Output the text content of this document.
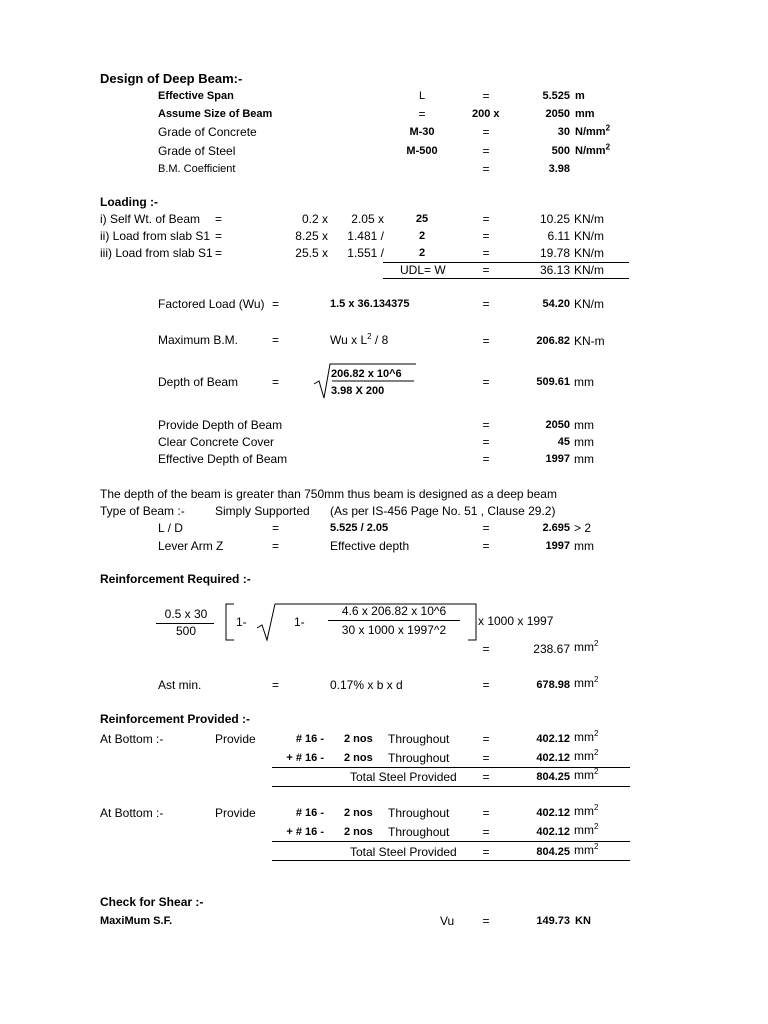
Design of Deep Beam:-
Effective Span	L	=	5.525 m
Assume Size of Beam	=	200 x	2050 mm
Grade of Concrete	M-30	=	30 $N/mm^2$
Grade of Steel	M-500	=	500 $N/mm^2$
B.M. Coefficient	=	3.98
Loading :-
i) Self Wt. of Beam =	0.2 x	2.05 x	25	=	10.25 KN/m
ii) Load from slab S1 =	8.25 x	1.481 /	2	=	6.11 KN/m
iii) Load from slab S1 =	25.5 x	1.551 /	2	=	19.78 KN/m
UDL= W	=	36.13 KN/m
Factored Load (Wu) =	1.5 x 36.134375	=	54.20 KN/m
Maximum B.M.	=	Wu x $L^2 / 8$	=	206.82 KN-m
Depth of Beam	=
206.82 x 10^6
3.98 X 200
=	509.61 mm
Provide Depth of Beam	=	2050 mm
Clear Concrete Cover	=	45 mm
Effective Depth of Beam	=	1997 mm
The depth of the beam is greater than 750mm thus beam is designed as a deep beam
Type of Beam :-	Simply Supported (As per IS-456 Page No. 51 , Clause 29.2)
L / D	=	5.525 / 2.05	=	2.695 > 2
Lever Arm Z	=	Effective depth	=	1997 mm
Reinforcement Required :-
0.5 x 30
500
1-	1-
4.6 x 206.82 x 10^6
30 x 1000 x 1997^2
x 1000 x 1997
=	238.67 $mm^2$
Ast min.	=	0.17% x b x d	=	678.98 $mm^2$
Reinforcement Provided :-
At Bottom :-	Provide	# 16 - 2 nos Throughout	=	402.12 $mm^2$
+ # 16 - 2 nos Throughout	=	402.12 $mm^2$
Total Steel Provided	=	804.25 $mm^2$
At Bottom :-	Provide	# 16 - 2 nos Throughout	=	402.12 $mm^2$
+ # 16 - 2 nos Throughout	=	402.12 $mm^2$
Total Steel Provided	=	804.25 $mm^2$
Check for Shear :-
MaxiMum S.F.	Vu	=	149.73 KN
